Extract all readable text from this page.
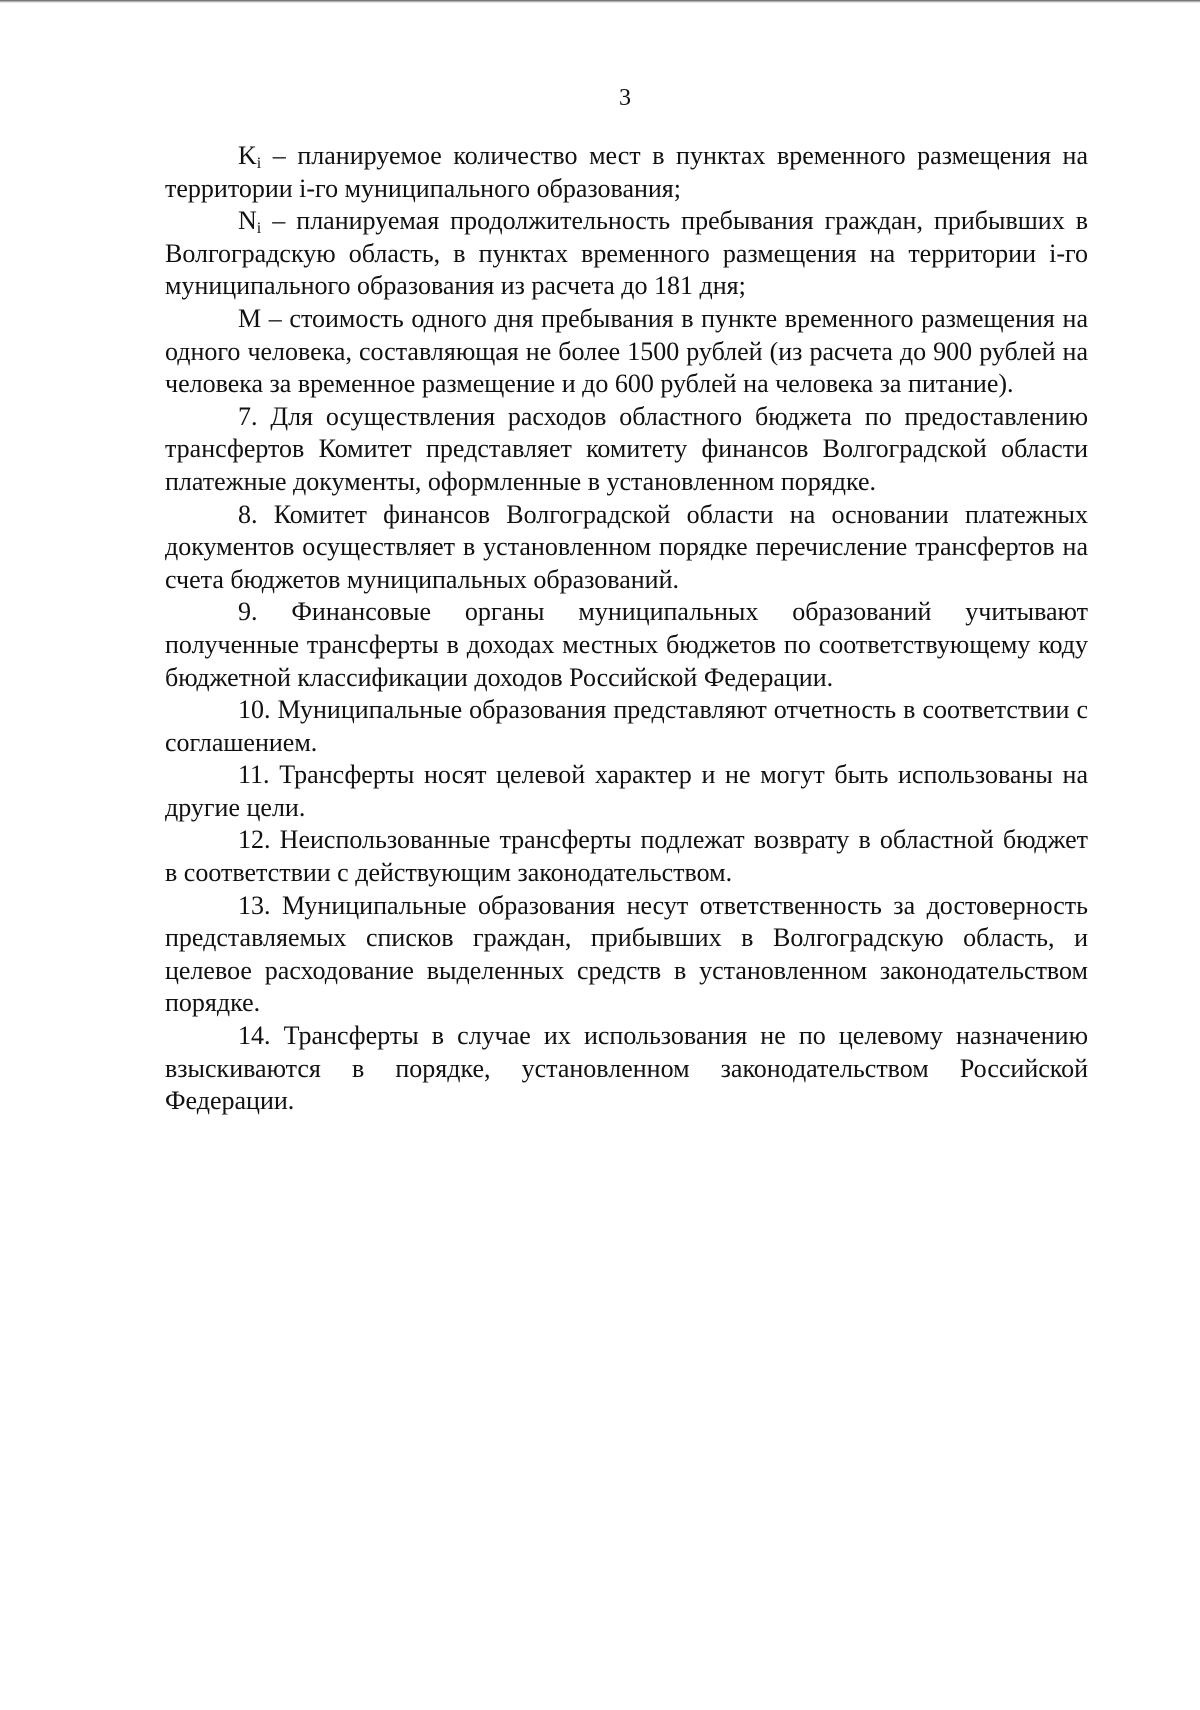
3

$K_i$ – планируемое количество мест в пунктах временного размещения на территории i-го муниципального образования;

$N_i$ – планируемая продолжительность пребывания граждан, прибывших в Волгоградскую область, в пунктах временного размещения на территории i-го муниципального образования из расчета до 181 дня;

М – стоимость одного дня пребывания в пункте временного размещения на одного человека, составляющая не более 1500 рублей (из расчета до 900 рублей на человека за временное размещение и до 600 рублей на человека за питание).

7. Для осуществления расходов областного бюджета по предоставлению трансфертов Комитет представляет комитету финансов Волгоградской области платежные документы, оформленные в установленном порядке.

8. Комитет финансов Волгоградской области на основании платежных документов осуществляет в установленном порядке перечисление трансфертов на счета бюджетов муниципальных образований.

9. Финансовые органы муниципальных образований учитывают полученные трансферты в доходах местных бюджетов по соответствующему коду бюджетной классификации доходов Российской Федерации.

10. Муниципальные образования представляют отчетность в соответствии с соглашением.

11. Трансферты носят целевой характер и не могут быть использованы на другие цели.

12. Неиспользованные трансферты подлежат возврату в областной бюджет в соответствии с действующим законодательством.

13. Муниципальные образования несут ответственность за достоверность представляемых списков граждан, прибывших в Волгоградскую область, и целевое расходование выделенных средств в установленном законодательством порядке.

14. Трансферты в случае их использования не по целевому назначению взыскиваются в порядке, установленном законодательством Российской Федерации.
